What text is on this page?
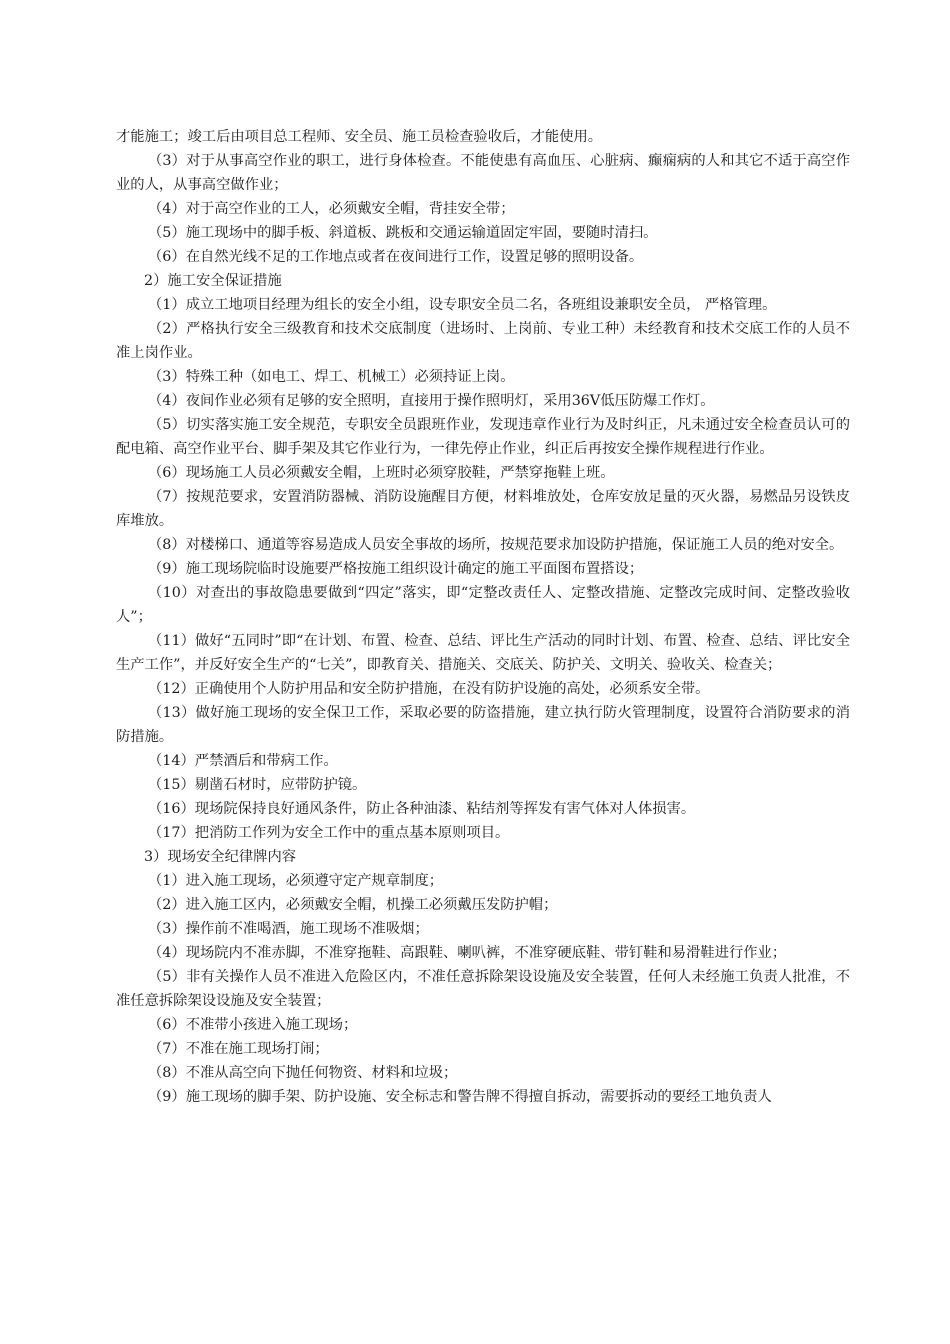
才能施工；竣工后由项目总工程师、安全员、施工员检查验收后，才能使用。

（3）对于从事高空作业的职工，进行身体检查。不能使患有高血压、心脏病、癫痫病的人和其它不适于高空作业的人，从事高空做作业；

（4）对于高空作业的工人，必须戴安全帽，背挂安全带；

（5）施工现场中的脚手板、斜道板、跳板和交通运输道固定牢固，要随时清扫。

（6）在自然光线不足的工作地点或者在夜间进行工作，设置足够的照明设备。

2）施工安全保证措施

（1）成立工地项目经理为组长的安全小组，设专职安全员二名，各班组设兼职安全员， 严格管理。

（2）严格执行安全三级教育和技术交底制度（进场时、上岗前、专业工种）未经教育和技术交底工作的人员不准上岗作业。

（3）特殊工种（如电工、焊工、机械工）必须持证上岗。

（4）夜间作业必须有足够的安全照明，直接用于操作照明灯，采用36V低压防爆工作灯。

（5）切实落实施工安全规范，专职安全员跟班作业，发现违章作业行为及时纠正，凡未通过安全检查员认可的配电箱、高空作业平台、脚手架及其它作业行为，一律先停止作业，纠正后再按安全操作规程进行作业。

（6）现场施工人员必须戴安全帽，上班时必须穿胶鞋，严禁穿拖鞋上班。

（7）按规范要求，安置消防器械、消防设施醒目方便，材料堆放处，仓库安放足量的灭火器，易燃品另设铁皮库堆放。

（8）对楼梯口、通道等容易造成人员安全事故的场所，按规范要求加设防护措施，保证施工人员的绝对安全。

（9）施工现场院临时设施要严格按施工组织设计确定的施工平面图布置搭设；

（10）对查出的事故隐患要做到“四定”落实，即“定整改责任人、定整改措施、定整改完成时间、定整改验收人”；

（11）做好“五同时”即“在计划、布置、检查、总结、评比生产活动的同时计划、布置、检查、总结、评比安全生产工作”，并反好安全生产的“七关”，即教育关、措施关、交底关、防护关、文明关、验收关、检查关；

（12）正确使用个人防护用品和安全防护措施，在没有防护设施的高处，必须系安全带。

（13）做好施工现场的安全保卫工作，采取必要的防盗措施，建立执行防火管理制度，设置符合消防要求的消防措施。

（14）严禁酒后和带病工作。

（15）剔凿石材时，应带防护镜。

（16）现场院保持良好通风条件，防止各种油漆、粘结剂等挥发有害气体对人体损害。

（17）把消防工作列为安全工作中的重点基本原则项目。

3）现场安全纪律牌内容

（1）进入施工现场，必须遵守定产规章制度；

（2）进入施工区内，必须戴安全帽，机操工必须戴压发防护帽；

（3）操作前不准喝酒，施工现场不准吸烟；

（4）现场院内不准赤脚，不准穿拖鞋、高跟鞋、喇叭裤，不准穿硬底鞋、带钉鞋和易滑鞋进行作业；

（5）非有关操作人员不准进入危险区内，不准任意拆除架设设施及安全装置，任何人未经施工负责人批准，不准任意拆除架设设施及安全装置；

（6）不准带小孩进入施工现场；

（7）不准在施工现场打闹；

（8）不准从高空向下抛任何物资、材料和垃圾；

（9）施工现场的脚手架、防护设施、安全标志和警告牌不得擅自拆动，需要拆动的要经工地负责人
